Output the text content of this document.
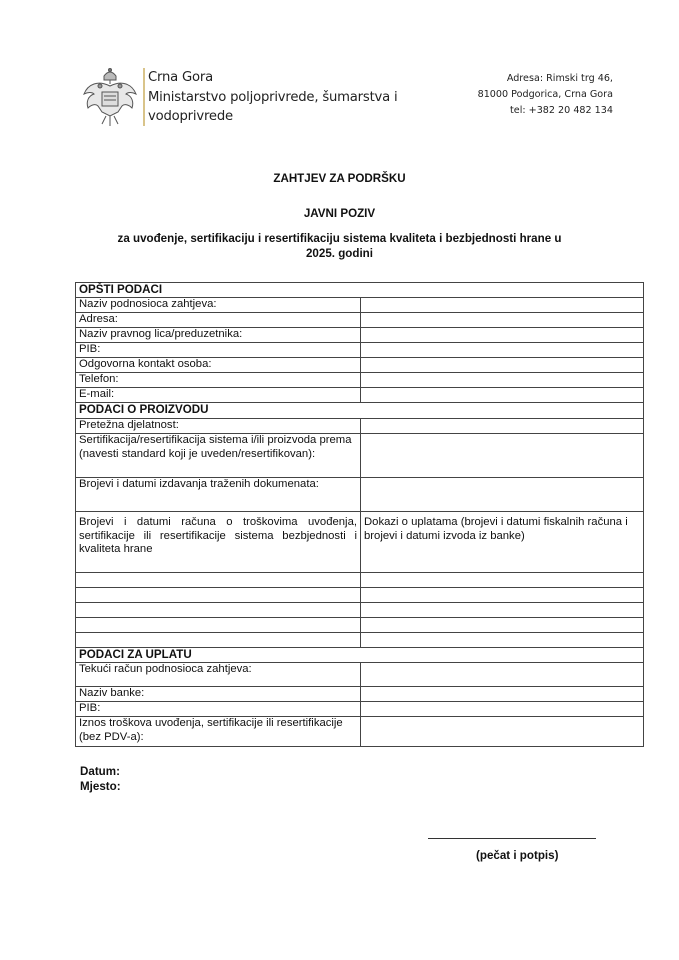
Crna Gora
Ministarstvo poljoprivrede, šumarstva i
vodoprivrede
Adresa: Rimski trg 46,
81000 Podgorica, Crna Gora
tel: +382 20 482 134
ZAHTJEV ZA PODRŠKU
JAVNI POZIV
za uvođenje, sertifikaciju i resertifikaciju sistema kvaliteta i bezbjednosti hrane u
2025. godini
OPŠTI PODACI	
Naziv podnosioca zahtjeva:	
Adresa:	
Naziv pravnog lica/preduzetnika:	
PIB:	
Odgovorna kontakt osoba:	
Telefon:	
E-mail:	
PODACI O PROIZVODU	
Pretežna djelatnost:	
Sertifikacija/resertifikacija sistema i/ili proizvoda prema (navesti standard koji je uveden/resertifikovan):	
Brojevi i datumi izdavanja traženih dokumenata:	
Brojevi i datumi računa o troškovima uvođenja, sertifikacije ili resertifikacije sistema bezbjednosti i kvaliteta hrane	Dokazi o uplatama (brojevi i datumi fiskalnih računa i brojevi i datumi izvoda iz banke)

PODACI ZA UPLATU	
Tekući račun podnosioca zahtjeva:	
Naziv banke:	
PIB:	
Iznos troškova uvođenja, sertifikacije ili resertifikacije (bez PDV-a):	
Datum:
Mjesto:
(pečat i potpis)
